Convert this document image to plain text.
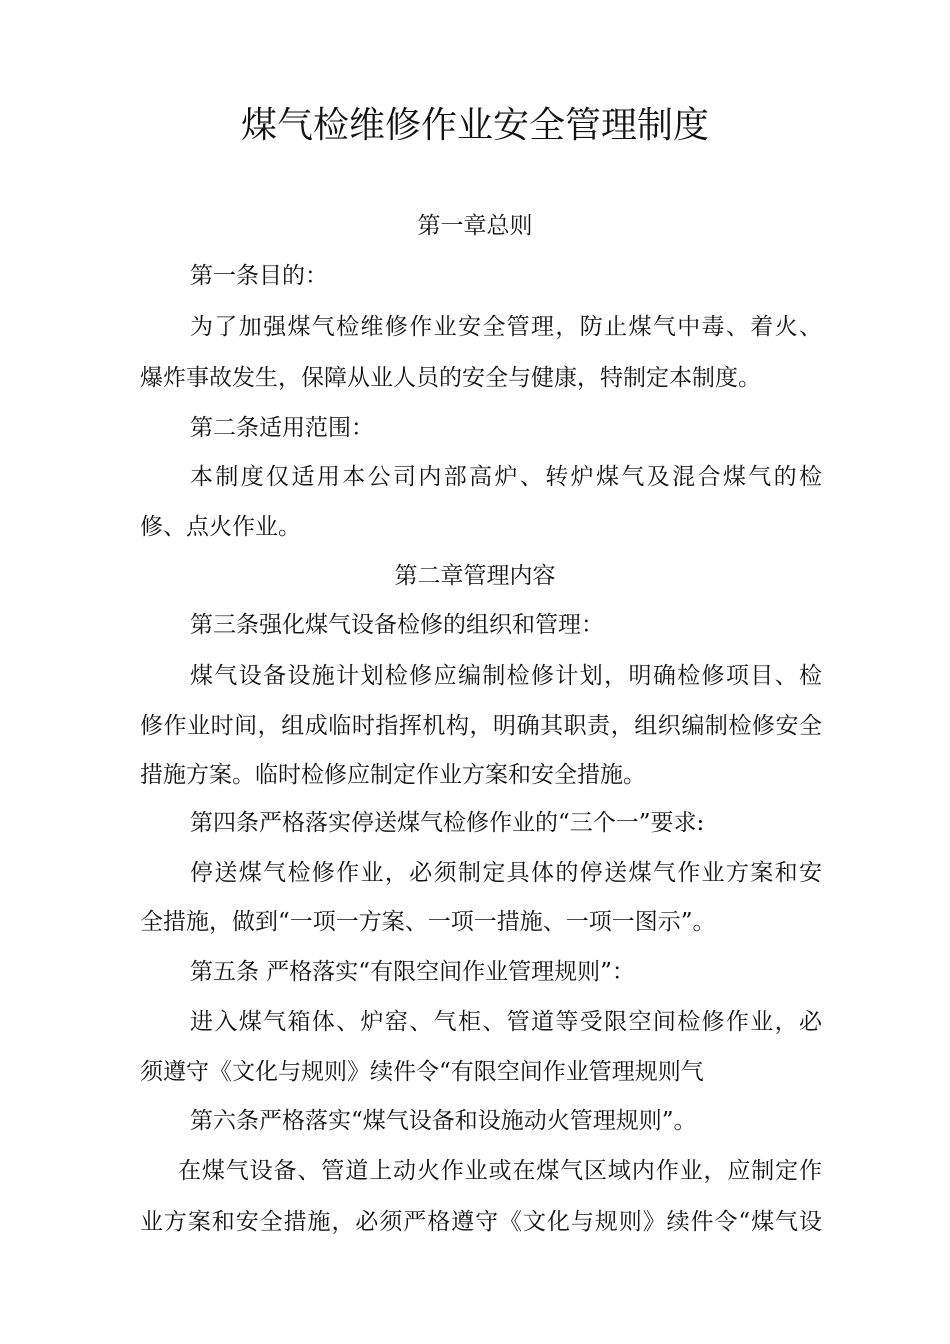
煤气检维修作业安全管理制度
第一章总则
第一条目的：
为了加强煤气检维修作业安全管理，防止煤气中毒、着火、
爆炸事故发生，保障从业人员的安全与健康，特制定本制度。
第二条适用范围：
本制度仅适用本公司内部高炉、转炉煤气及混合煤气的检
修、点火作业。
第二章管理内容
第三条强化煤气设备检修的组织和管理：
煤气设备设施计划检修应编制检修计划，明确检修项目、检
修作业时间，组成临时指挥机构，明确其职责，组织编制检修安全
措施方案。临时检修应制定作业方案和安全措施。
第四条严格落实停送煤气检修作业的“三个一”要求:
停送煤气检修作业，必须制定具体的停送煤气作业方案和安
全措施，做到“一项一方案、一项一措施、一项一图示”。
第五条 严格落实“有限空间作业管理规则”：
进入煤气箱体、炉窑、气柜、管道等受限空间检修作业，必
须遵守《文化与规则》续件令“有限空间作业管理规则气
第六条严格落实“煤气设备和设施动火管理规则”。
在煤气设备、管道上动火作业或在煤气区域内作业，应制定作
业方案和安全措施，必须严格遵守《文化与规则》续件令“煤气设
